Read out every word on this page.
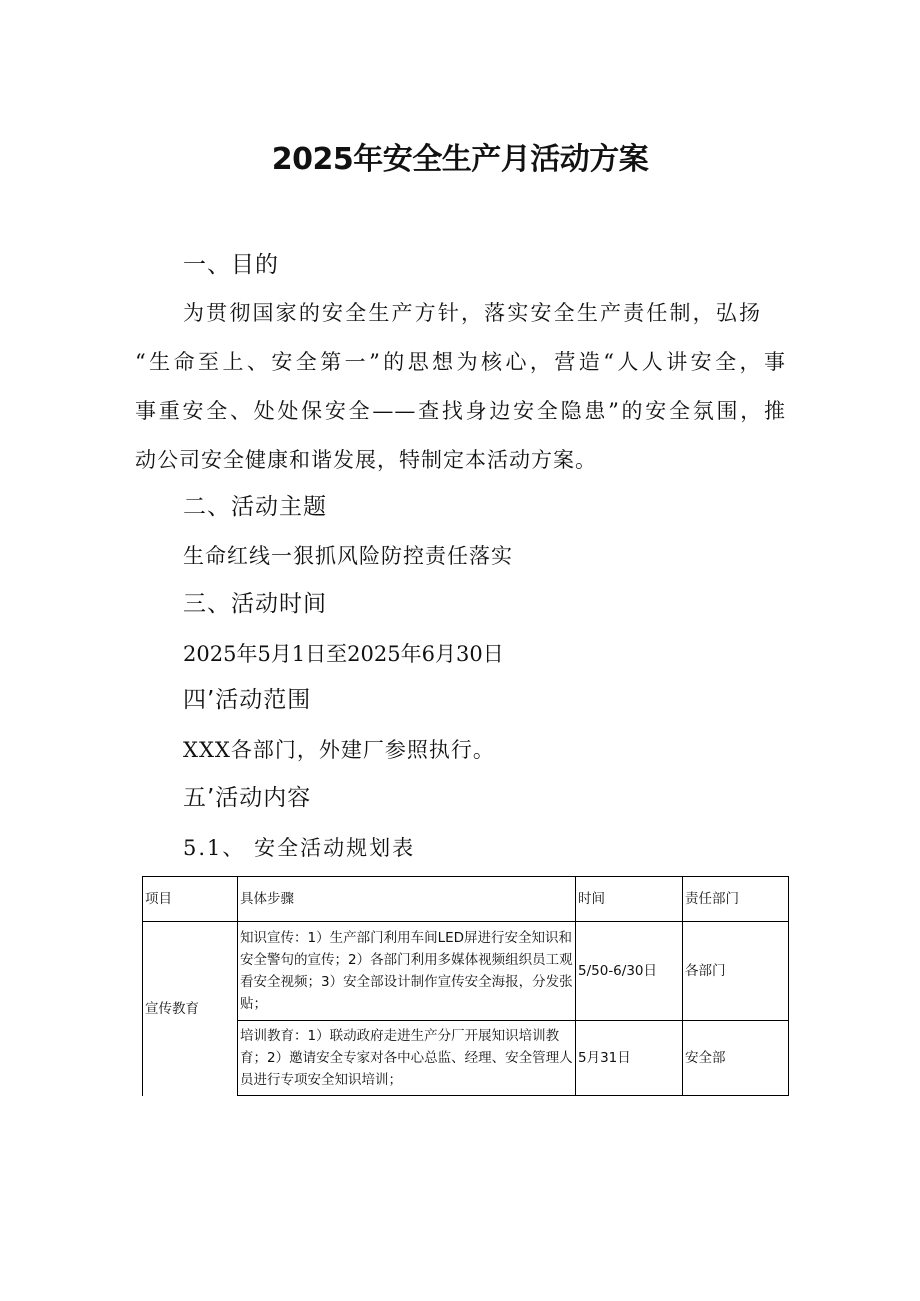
2025年安全生产月活动方案
一、目的
为贯彻国家的安全生产方针，落实安全生产责任制，弘扬
“生命至上、安全第一”的思想为核心，营造“人人讲安全，事
事重安全、处处保安全——查找身边安全隐患”的安全氛围，推
动公司安全健康和谐发展，特制定本活动方案。
二、活动主题
生命红线一狠抓风险防控责任落实
三、活动时间
2025年5月1日至2025年6月30日
四’活动范围
XXX各部门，外建厂参照执行。
五’活动内容
5.1、 安全活动规划表
项目	具体步骤	时间	责任部门
宣传教育	知识宣传：1）生产部门利用车间LED屏进行安全知识和安全警句的宣传；2）各部门利用多媒体视频组织员工观看安全视频；3）安全部设计制作宣传安全海报，分发张贴；	5/50-6/30日	各部门
	培训教育：1）联动政府走进生产分厂开展知识培训教育；2）邀请安全专家对各中心总监、经理、安全管理人员进行专项安全知识培训；	5月31日	安全部
